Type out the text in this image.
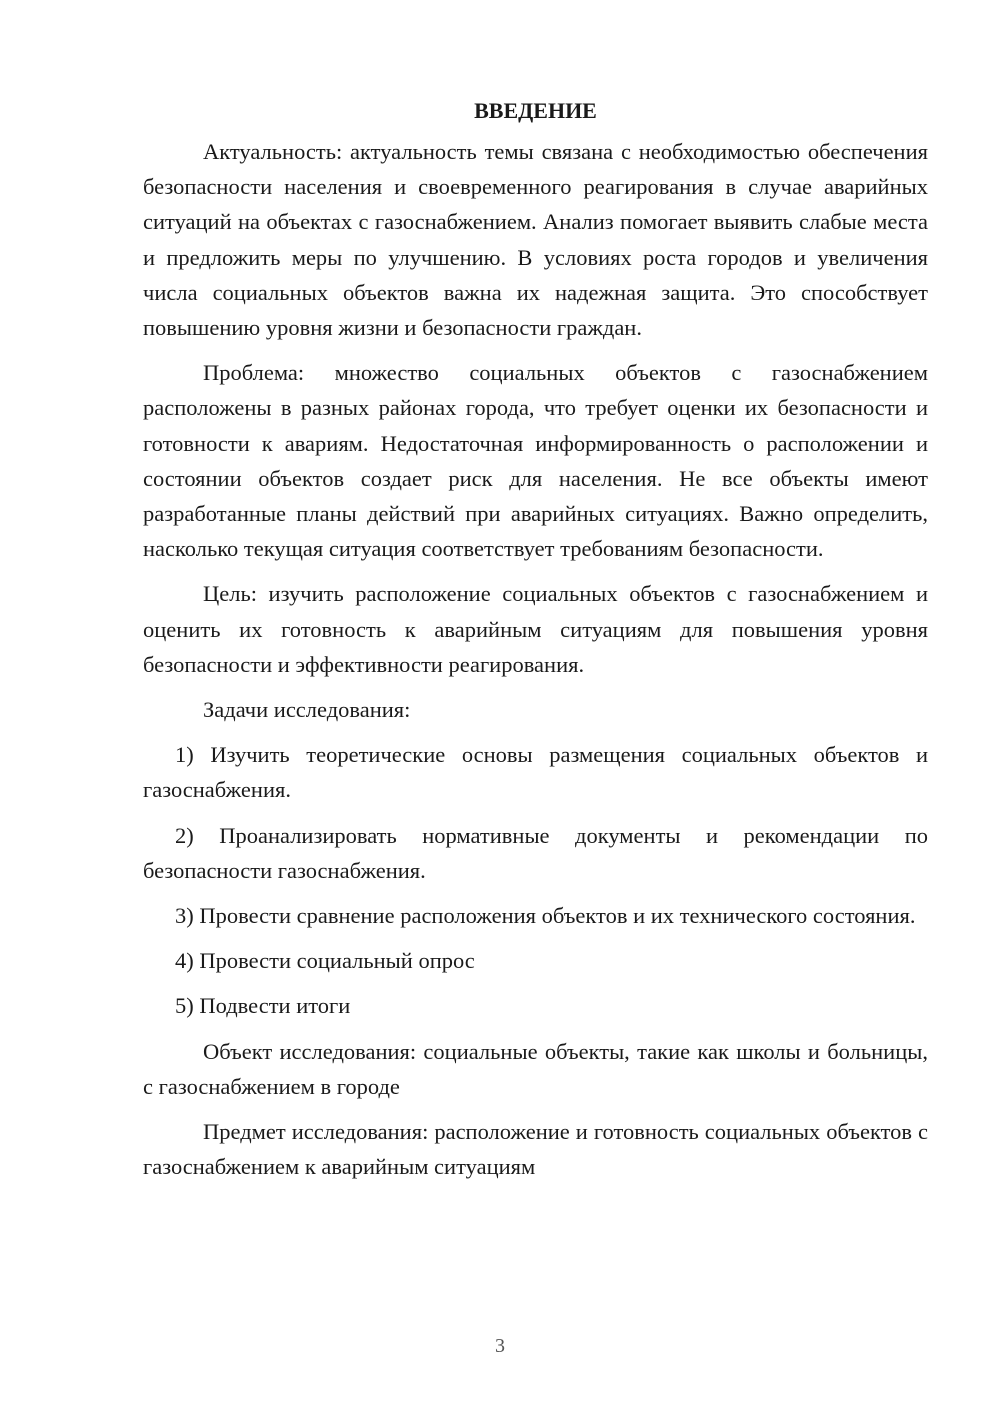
ВВЕДЕНИЕ

Актуальность: актуальность темы связана с необходимостью обеспечения безопасности населения и своевременного реагирования в случае аварийных ситуаций на объектах с газоснабжением. Анализ помогает выявить слабые места и предложить меры по улучшению. В условиях роста городов и увеличения числа социальных объектов важна их надежная защита. Это способствует повышению уровня жизни и безопасности граждан.

Проблема: множество социальных объектов с газоснабжением расположены в разных районах города, что требует оценки их безопасности и готовности к авариям. Недостаточная информированность о расположении и состоянии объектов создает риск для населения. Не все объекты имеют разработанные планы действий при аварийных ситуациях. Важно определить, насколько текущая ситуация соответствует требованиям безопасности.

Цель: изучить расположение социальных объектов с газоснабжением и оценить их готовность к аварийным ситуациям для повышения уровня безопасности и эффективности реагирования.

Задачи исследования:

1) Изучить теоретические основы размещения социальных объектов и газоснабжения.

2) Проанализировать нормативные документы и рекомендации по безопасности газоснабжения.

3) Провести сравнение расположения объектов и их технического состояния.

4) Провести социальный опрос

5) Подвести итоги

Объект исследования: социальные объекты, такие как школы и больницы, с газоснабжением в городе

Предмет исследования: расположение и готовность социальных объектов с газоснабжением к аварийным ситуациям

3
